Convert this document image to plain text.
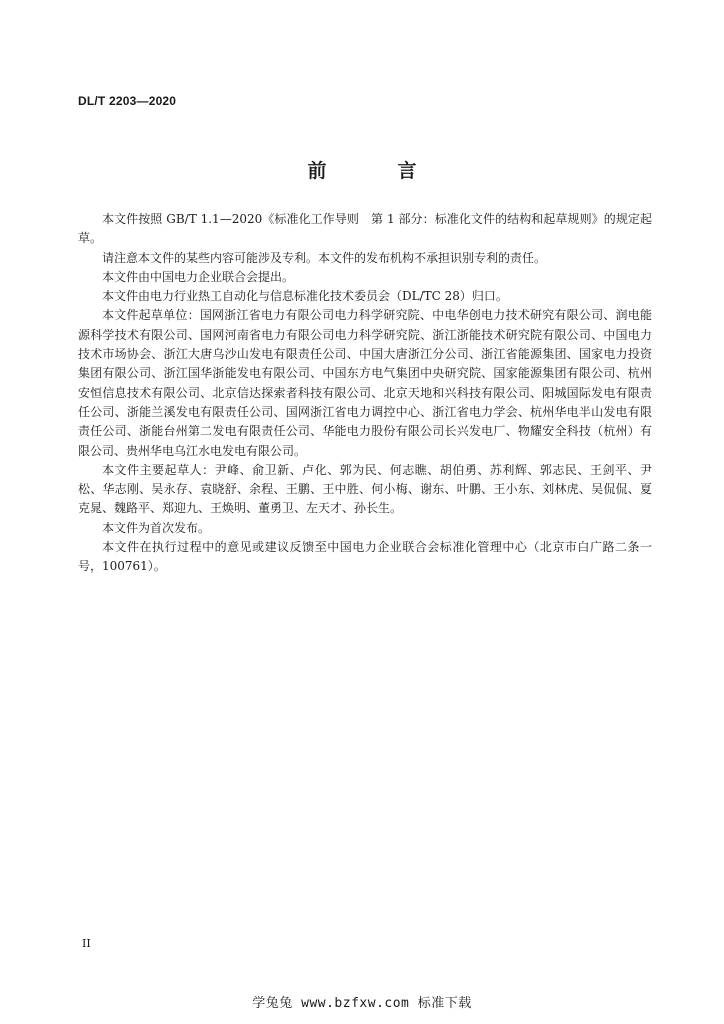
DL/T 2203—2020
前　言

本文件按照 GB/T 1.1—2020《标准化工作导则　第 1 部分：标准化文件的结构和起草规则》的规定起草。

请注意本文件的某些内容可能涉及专利。本文件的发布机构不承担识别专利的责任。

本文件由中国电力企业联合会提出。

本文件由电力行业热工自动化与信息标准化技术委员会（DL/TC 28）归口。

本文件起草单位：国网浙江省电力有限公司电力科学研究院、中电华创电力技术研究有限公司、润电能源科学技术有限公司、国网河南省电力有限公司电力科学研究院、浙江浙能技术研究院有限公司、中国电力技术市场协会、浙江大唐乌沙山发电有限责任公司、中国大唐浙江分公司、浙江省能源集团、国家电力投资集团有限公司、浙江国华浙能发电有限公司、中国东方电气集团中央研究院、国家能源集团有限公司、杭州安恒信息技术有限公司、北京信达探索者科技有限公司、北京天地和兴科技有限公司、阳城国际发电有限责任公司、浙能兰溪发电有限责任公司、国网浙江省电力调控中心、浙江省电力学会、杭州华电半山发电有限责任公司、浙能台州第二发电有限责任公司、华能电力股份有限公司长兴发电厂、物耀安全科技（杭州）有限公司、贵州华电乌江水电发电有限公司。

本文件主要起草人：尹峰、俞卫新、卢化、郭为民、何志瞧、胡伯勇、苏利辉、郭志民、王剑平、尹松、华志刚、吴永存、袁晓舒、余程、王鹏、王中胜、何小梅、谢东、叶鹏、王小东、刘林虎、吴侃侃、夏克晁、魏路平、郑迎九、王焕明、董勇卫、左天才、孙长生。

本文件为首次发布。

本文件在执行过程中的意见或建议反馈至中国电力企业联合会标准化管理中心（北京市白广路二条一号，100761）。

II
学兔兔 www.bzfxw.com 标准下载
